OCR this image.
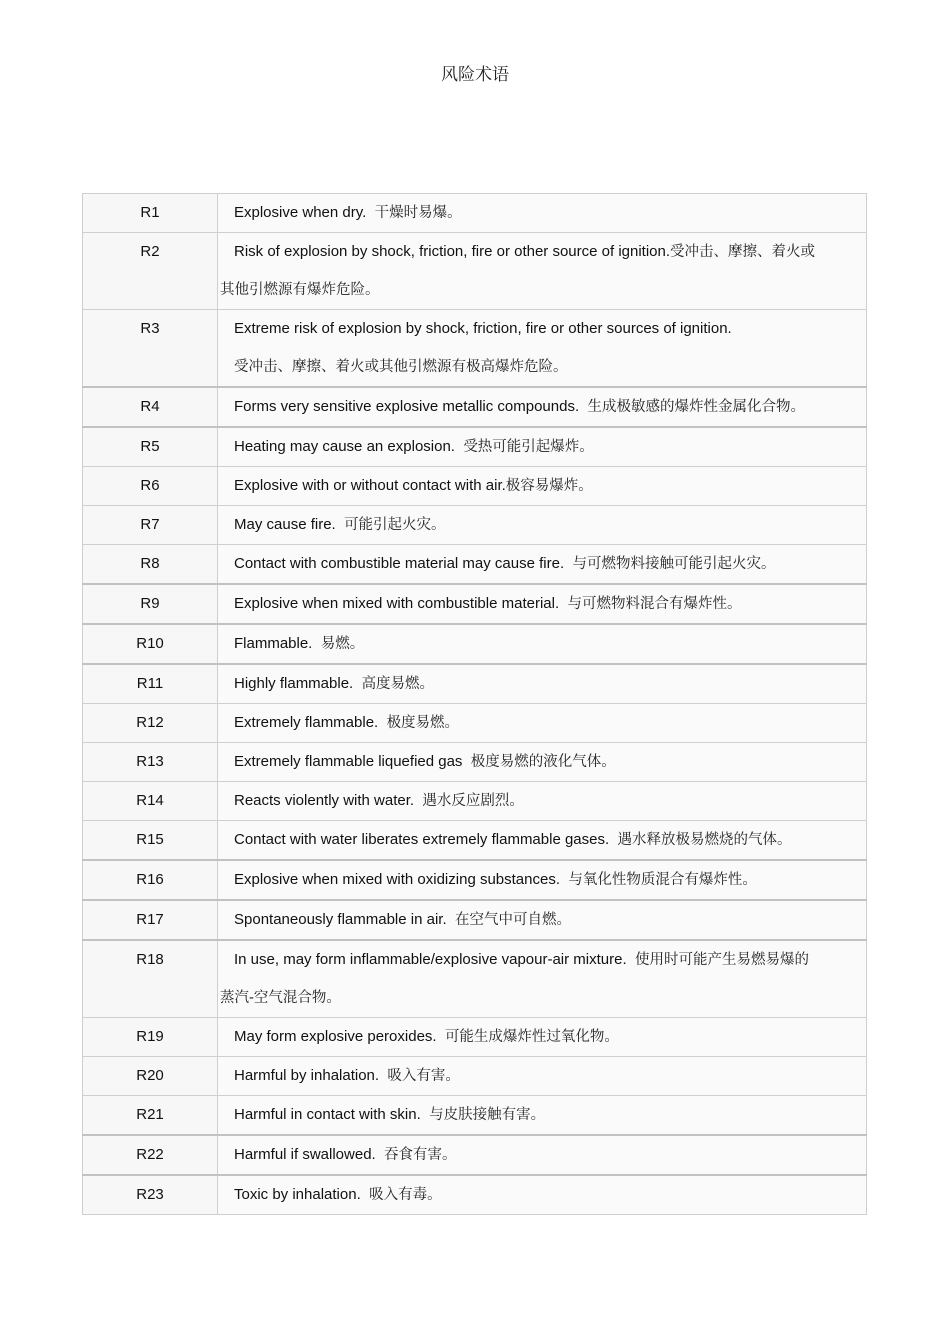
风险术语
R1	Explosive when dry. 干燥时易爆。

R2	Risk of explosion by shock, friction, fire or other source of ignition.受冲击、摩擦、着火或
其他引燃源有爆炸危险。

R3	Extreme risk of explosion by shock, friction, fire or other sources of ignition.
受冲击、摩擦、着火或其他引燃源有极高爆炸危险。

R4	Forms very sensitive explosive metallic compounds. 生成极敏感的爆炸性金属化合物。

R5	Heating may cause an explosion. 受热可能引起爆炸。

R6	Explosive with or without contact with air.极容易爆炸。

R7	May cause fire. 可能引起火灾。

R8	Contact with combustible material may cause fire. 与可燃物料接触可能引起火灾。

R9	Explosive when mixed with combustible material. 与可燃物料混合有爆炸性。

R10	Flammable. 易燃。

R11	Highly flammable. 高度易燃。

R12	Extremely flammable. 极度易燃。

R13	Extremely flammable liquefied gas 极度易燃的液化气体。

R14	Reacts violently with water. 遇水反应剧烈。

R15	Contact with water liberates extremely flammable gases. 遇水释放极易燃烧的气体。

R16	Explosive when mixed with oxidizing substances. 与氧化性物质混合有爆炸性。

R17	Spontaneously flammable in air. 在空气中可自燃。

R18	In use, may form inflammable/explosive vapour-air mixture. 使用时可能产生易燃易爆的
蒸汽-空气混合物。

R19	May form explosive peroxides. 可能生成爆炸性过氧化物。

R20	Harmful by inhalation. 吸入有害。

R21	Harmful in contact with skin. 与皮肤接触有害。

R22	Harmful if swallowed. 吞食有害。

R23	Toxic by inhalation. 吸入有毒。
